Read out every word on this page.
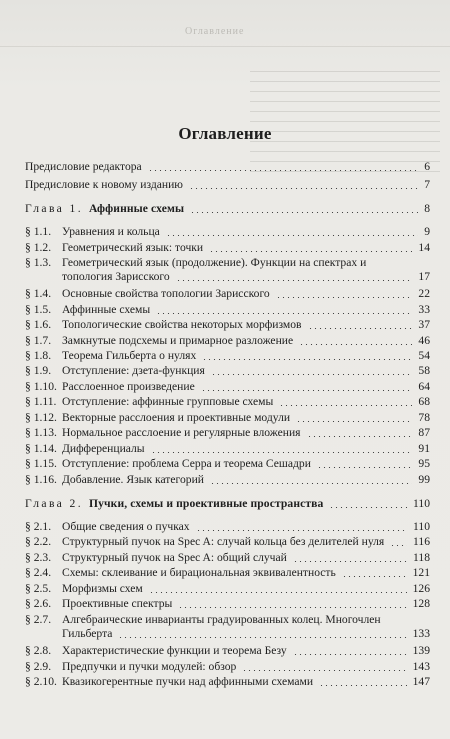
Оглавление
Оглавление
Предисловие редактора	6
Предисловие к новому изданию	7
Глава 1. Аффинные схемы	8
§ 1.1. Уравнения и кольца	9
§ 1.2. Геометрический язык: точки	14
§ 1.3. Геометрический язык (продолжение). Функции на спектрах и топология Зарисского	17
§ 1.4. Основные свойства топологии Зарисского	22
§ 1.5. Аффинные схемы	33
§ 1.6. Топологические свойства некоторых морфизмов	37
§ 1.7. Замкнутые подсхемы и примарное разложение	46
§ 1.8. Теорема Гильберта о нулях	54
§ 1.9. Отступление: дзета-функция	58
§ 1.10. Расслоенное произведение	64
§ 1.11. Отступление: аффинные групповые схемы	68
§ 1.12. Векторные расслоения и проективные модули	78
§ 1.13. Нормальное расслоение и регулярные вложения	87
§ 1.14. Дифференциалы	91
§ 1.15. Отступление: проблема Серра и теорема Сешадри	95
§ 1.16. Добавление. Язык категорий	99
Глава 2. Пучки, схемы и проективные пространства	110
§ 2.1. Общие сведения о пучках	110
§ 2.2. Структурный пучок на Spec A: случай кольца без делителей нуля	116
§ 2.3. Структурный пучок на Spec A: общий случай	118
§ 2.4. Схемы: склеивание и бирациональная эквивалентность	121
§ 2.5. Морфизмы схем	126
§ 2.6. Проективные спектры	128
§ 2.7. Алгебраические инварианты градуированных колец. Многочлен Гильберта	133
§ 2.8. Характеристические функции и теорема Безу	139
§ 2.9. Предпучки и пучки модулей: обзор	143
§ 2.10. Квазикогерентные пучки над аффинными схемами	147
